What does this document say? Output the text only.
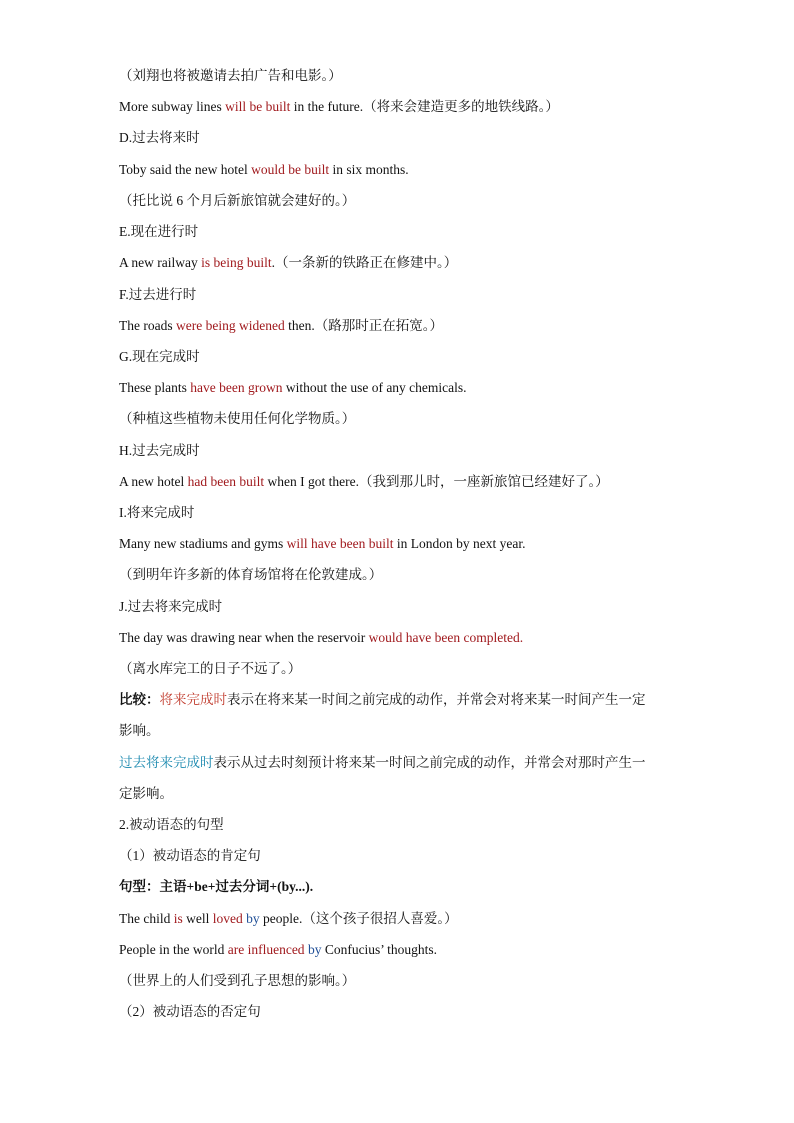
（刘翔也将被邀请去拍广告和电影。）
More subway lines will be built in the future.（将来会建造更多的地铁线路。）
D.过去将来时
Toby said the new hotel would be built in six months.
（托比说 6 个月后新旅馆就会建好的。）
E.现在进行时
A new railway is being built.（一条新的铁路正在修建中。）
F.过去进行时
The roads were being widened then.（路那时正在拓宽。）
G.现在完成时
These plants have been grown without the use of any chemicals.
（种植这些植物未使用任何化学物质。）
H.过去完成时
A new hotel had been built when I got there.（我到那儿时，一座新旅馆已经建好了。）
I.将来完成时
Many new stadiums and gyms will have been built in London by next year.
（到明年许多新的体育场馆将在伦敦建成。）
J.过去将来完成时
The day was drawing near when the reservoir would have been completed.
（离水库完工的日子不远了。）
比较：将来完成时表示在将来某一时间之前完成的动作，并常会对将来某一时间产生一定
影响。
过去将来完成时表示从过去时刻预计将来某一时间之前完成的动作，并常会对那时产生一
定影响。
2.被动语态的句型
（1）被动语态的肯定句
句型：主语+be+过去分词+(by...).
The child is well loved by people.（这个孩子很招人喜爱。）
People in the world are influenced by Confucius’ thoughts.
（世界上的人们受到孔子思想的影响。）
（2）被动语态的否定句
